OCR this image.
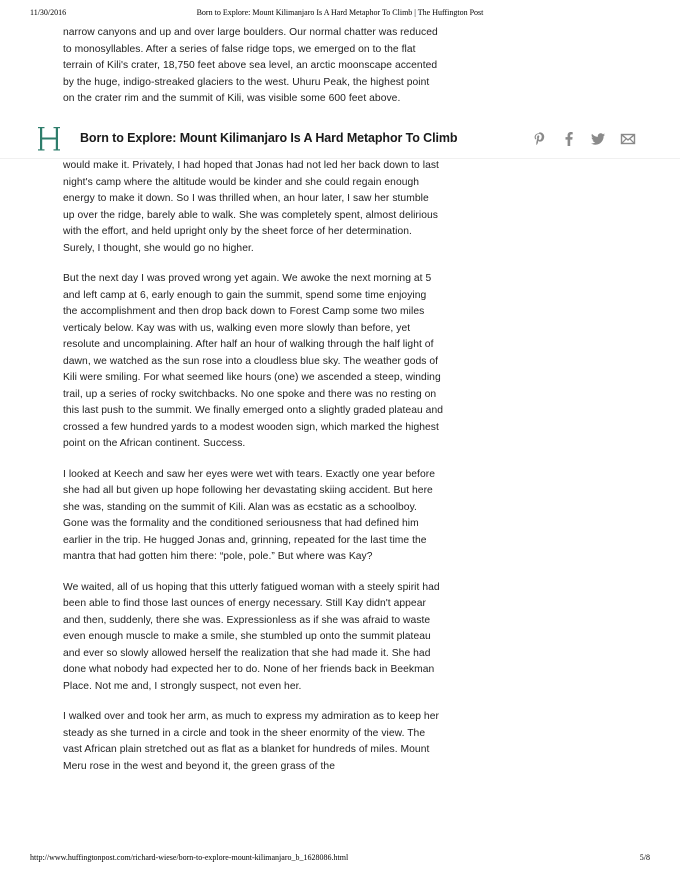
11/30/2016	Born to Explore: Mount Kilimanjaro Is A Hard Metaphor To Climb | The Huffington Post

narrow canyons and up and over large boulders. Our normal chatter was reduced to monosyllables. After a series of false ridge tops, we emerged on to the flat terrain of Kili's crater, 18,750 feet above sea level, an arctic moonscape accented by the huge, indigo-streaked glaciers to the west. Uhuru Peak, the highest point on the crater rim and the summit of Kili, was visible some 600 feet above.

Born to Explore: Mount Kilimanjaro Is A Hard Metaphor To Climb

would make it. Privately, I had hoped that Jonas had not led her back down to last night's camp where the altitude would be kinder and she could regain enough energy to make it down. So I was thrilled when, an hour later, I saw her stumble up over the ridge, barely able to walk. She was completely spent, almost delirious with the effort, and held upright only by the sheet force of her determination. Surely, I thought, she would go no higher.

But the next day I was proved wrong yet again. We awoke the next morning at 5 and left camp at 6, early enough to gain the summit, spend some time enjoying the accomplishment and then drop back down to Forest Camp some two miles verticaly below. Kay was with us, walking even more slowly than before, yet resolute and uncomplaining. After half an hour of walking through the half light of dawn, we watched as the sun rose into a cloudless blue sky. The weather gods of Kili were smiling. For what seemed like hours (one) we ascended a steep, winding trail, up a series of rocky switchbacks. No one spoke and there was no resting on this last push to the summit. We finally emerged onto a slightly graded plateau and crossed a few hundred yards to a modest wooden sign, which marked the highest point on the African continent. Success.

I looked at Keech and saw her eyes were wet with tears. Exactly one year before she had all but given up hope following her devastating skiing accident. But here she was, standing on the summit of Kili. Alan was as ecstatic as a schoolboy. Gone was the formality and the conditioned seriousness that had defined him earlier in the trip. He hugged Jonas and, grinning, repeated for the last time the mantra that had gotten him there: “pole, pole.” But where was Kay?

We waited, all of us hoping that this utterly fatigued woman with a steely spirit had been able to find those last ounces of energy necessary. Still Kay didn't appear and then, suddenly, there she was. Expressionless as if she was afraid to waste even enough muscle to make a smile, she stumbled up onto the summit plateau and ever so slowly allowed herself the realization that she had made it. She had done what nobody had expected her to do. None of her friends back in Beekman Place. Not me and, I strongly suspect, not even her.

I walked over and took her arm, as much to express my admiration as to keep her steady as she turned in a circle and took in the sheer enormity of the view. The vast African plain stretched out as flat as a blanket for hundreds of miles. Mount Meru rose in the west and beyond it, the green grass of the

http://www.huffingtonpost.com/richard-wiese/born-to-explore-mount-kilimanjaro_b_1628086.html	5/8
